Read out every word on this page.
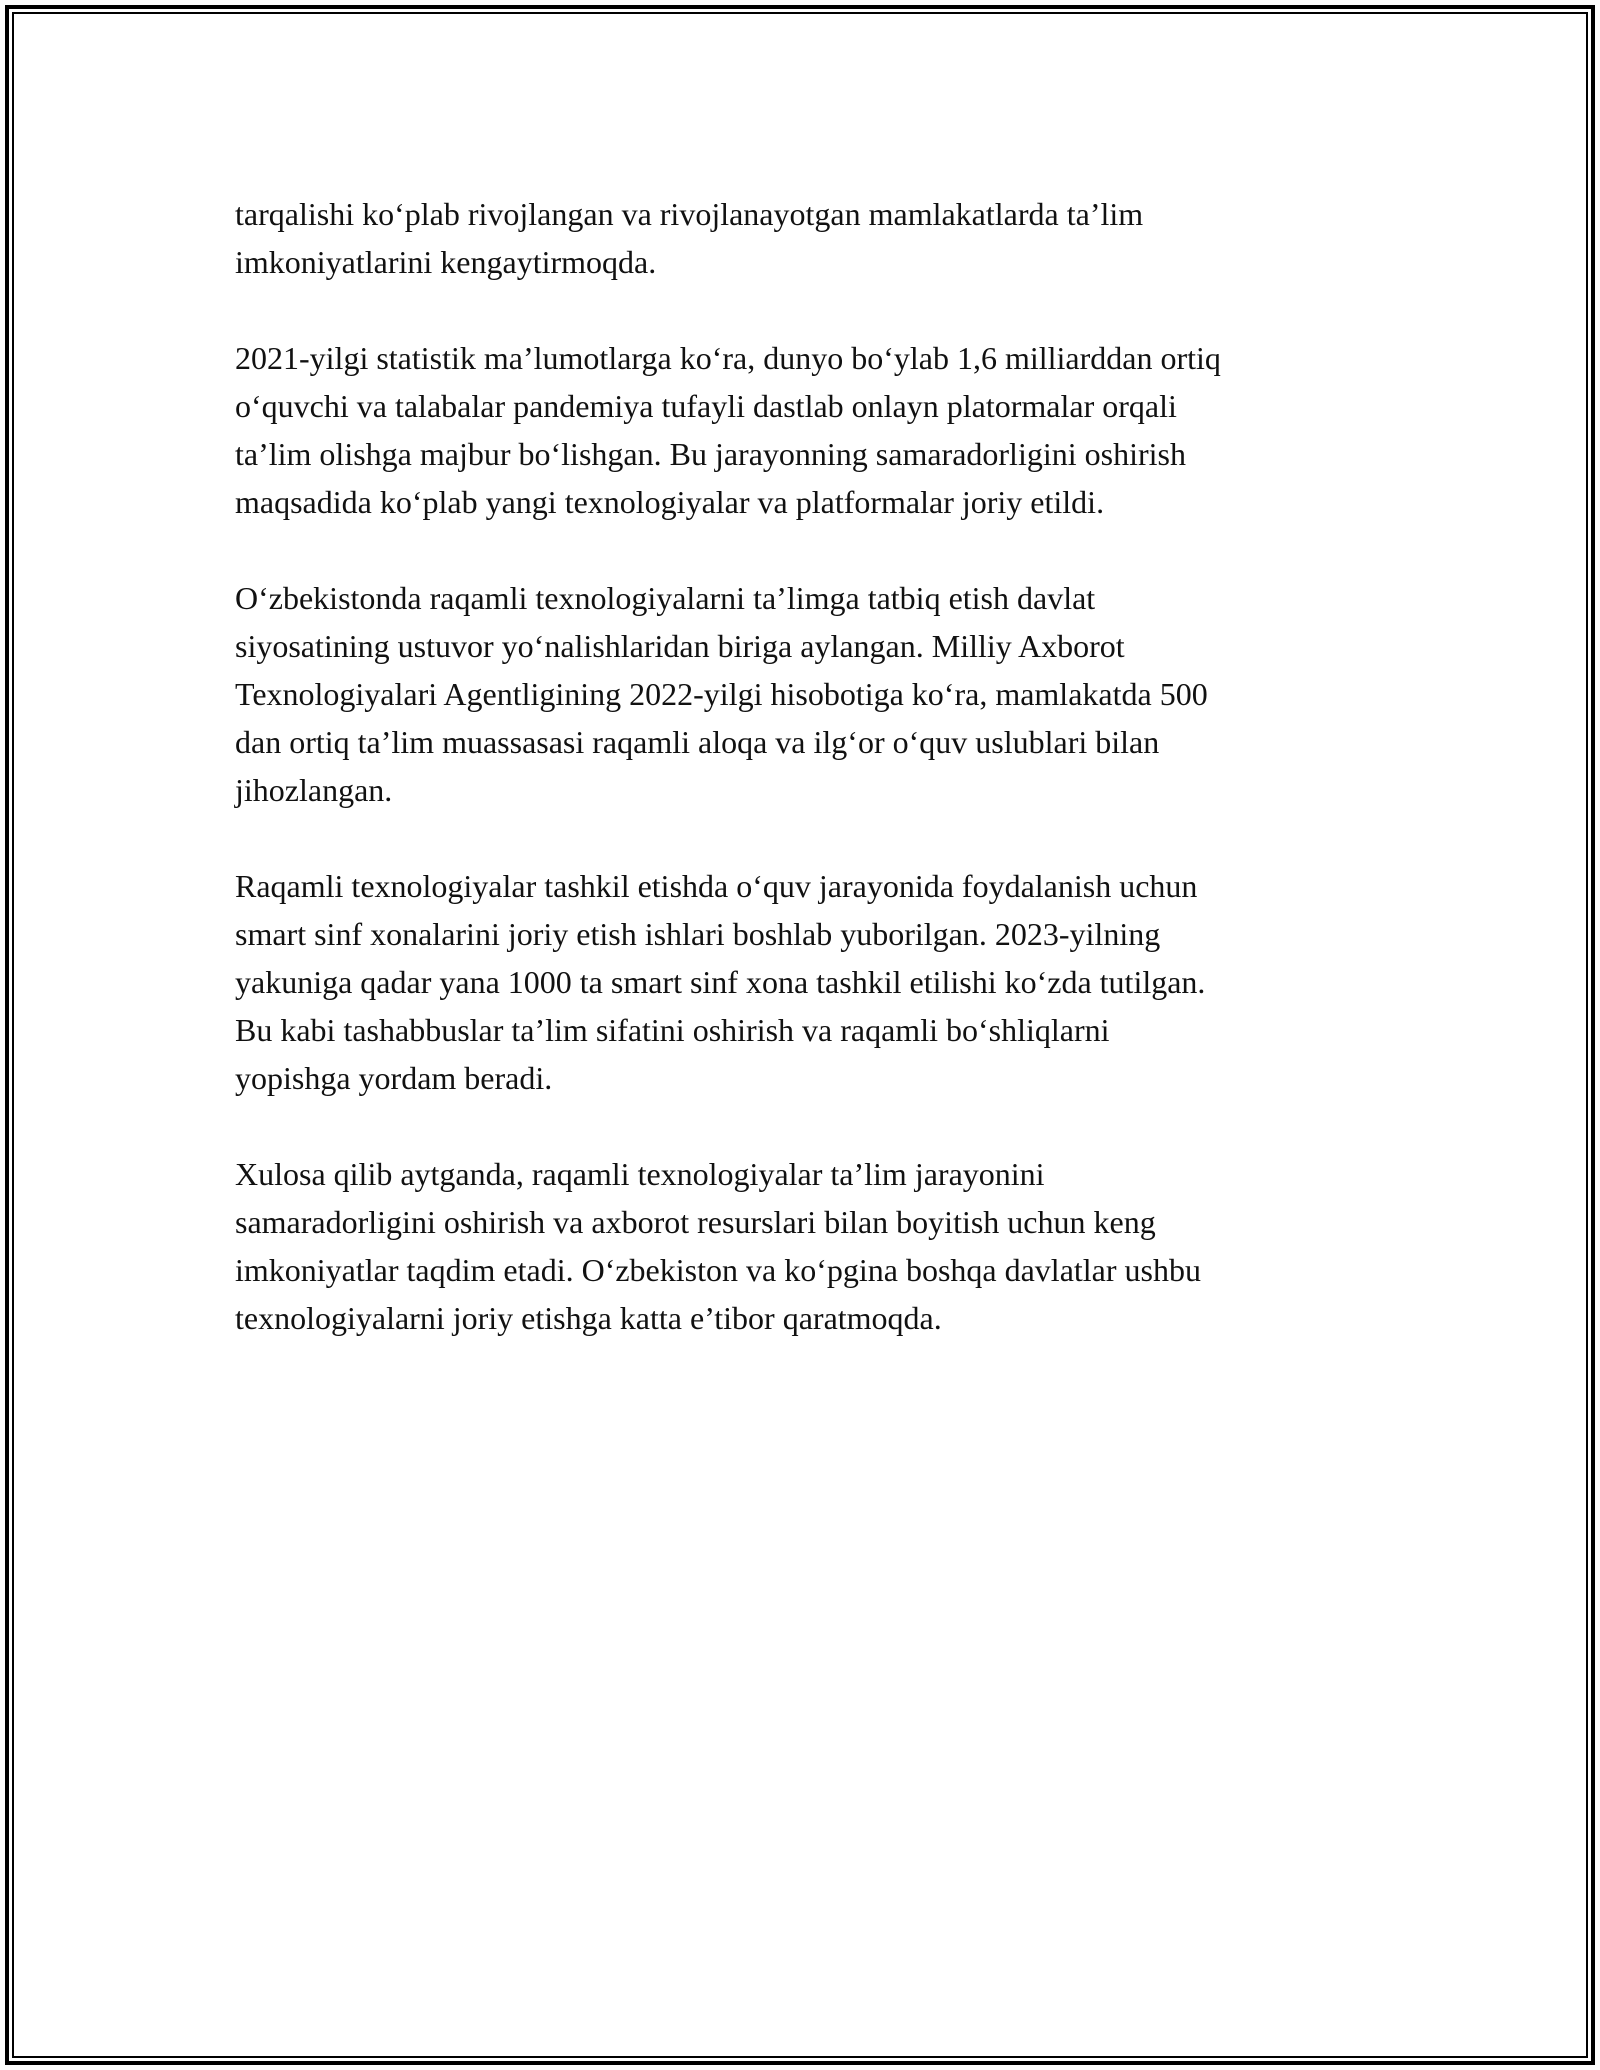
tarqalishi ko‘plab rivojlangan va rivojlanayotgan mamlakatlarda ta’lim
imkoniyatlarini kengaytirmoqda.

2021-yilgi statistik ma’lumotlarga ko‘ra, dunyo bo‘ylab 1,6 milliarddan ortiq
o‘quvchi va talabalar pandemiya tufayli dastlab onlayn platormalar orqali
ta’lim olishga majbur bo‘lishgan. Bu jarayonning samaradorligini oshirish
maqsadida ko‘plab yangi texnologiyalar va platformalar joriy etildi.

O‘zbekistonda raqamli texnologiyalarni ta’limga tatbiq etish davlat
siyosatining ustuvor yo‘nalishlaridan biriga aylangan. Milliy Axborot
Texnologiyalari Agentligining 2022-yilgi hisobotiga ko‘ra, mamlakatda 500
dan ortiq ta’lim muassasasi raqamli aloqa va ilg‘or o‘quv uslublari bilan
jihozlangan.

Raqamli texnologiyalar tashkil etishda o‘quv jarayonida foydalanish uchun
smart sinf xonalarini joriy etish ishlari boshlab yuborilgan. 2023-yilning
yakuniga qadar yana 1000 ta smart sinf xona tashkil etilishi ko‘zda tutilgan.
Bu kabi tashabbuslar ta’lim sifatini oshirish va raqamli bo‘shliqlarni
yopishga yordam beradi.

Xulosa qilib aytganda, raqamli texnologiyalar ta’lim jarayonini
samaradorligini oshirish va axborot resurslari bilan boyitish uchun keng
imkoniyatlar taqdim etadi. O‘zbekiston va ko‘pgina boshqa davlatlar ushbu
texnologiyalarni joriy etishga katta e’tibor qaratmoqda.
